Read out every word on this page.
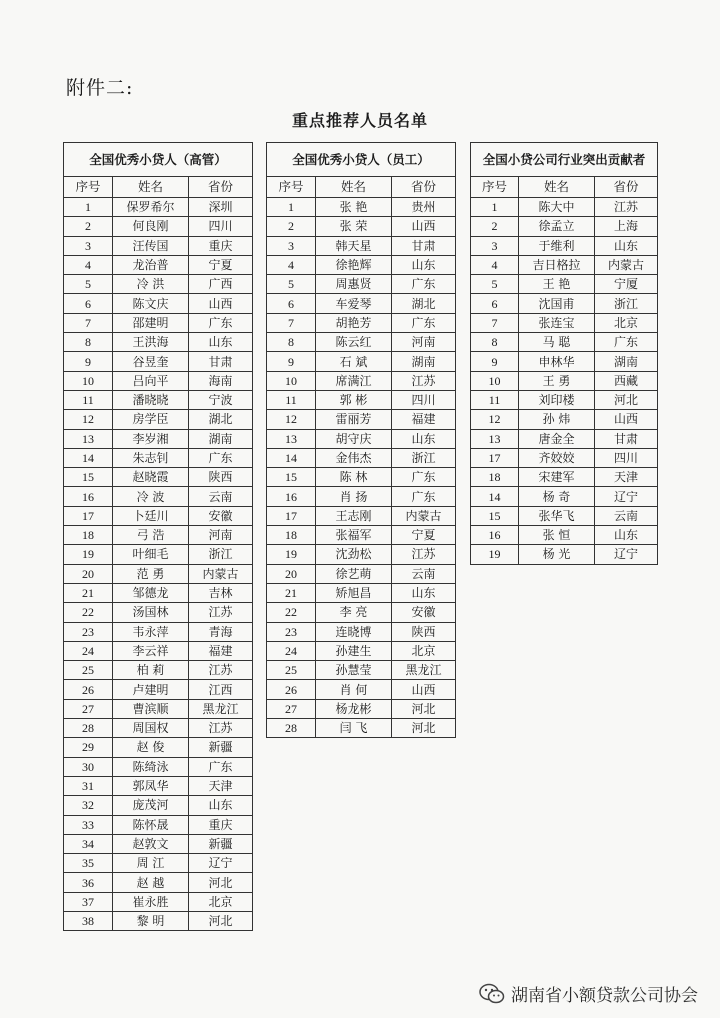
附件二:
重点推荐人员名单
全国优秀小贷人（高管）		
序号	姓名	省份
1	保罗希尔	深圳
2	何良刚	四川
3	汪传国	重庆
4	龙治普	宁夏
5	冷 洪	广西
6	陈文庆	山西
7	邵建明	广东
8	王洪海	山东
9	谷昱奎	甘肃
10	吕向平	海南
11	潘晓晓	宁波
12	房学臣	湖北
13	李岁湘	湖南
14	朱志钊	广东
15	赵晓霞	陕西
16	冷 波	云南
17	卜廷川	安徽
18	弓 浩	河南
19	叶细毛	浙江
20	范 勇	内蒙古
21	邹德龙	吉林
22	汤国林	江苏
23	韦永萍	青海
24	李云祥	福建
25	柏 莉	江苏
26	卢建明	江西
27	曹滨顺	黑龙江
28	周国权	江苏
29	赵 俊	新疆
30	陈绮泳	广东
31	郭凤华	天津
32	庞茂河	山东
33	陈怀晟	重庆
34	赵敦文	新疆
35	周 江	辽宁
36	赵 越	河北
37	崔永胜	北京
38	黎 明	河北
全国优秀小贷人（员工）		
序号	姓名	省份
1	张 艳	贵州
2	张 荣	山西
3	韩天星	甘肃
4	徐艳辉	山东
5	周惠贤	广东
6	车爱琴	湖北
7	胡艳芳	广东
8	陈云红	河南
9	石 斌	湖南
10	席满江	江苏
11	郭 彬	四川
12	雷丽芳	福建
13	胡守庆	山东
14	金伟杰	浙江
15	陈 林	广东
16	肖 扬	广东
17	王志刚	内蒙古
18	张福军	宁夏
19	沈劲松	江苏
20	徐艺萌	云南
21	矫旭昌	山东
22	李 亮	安徽
23	连晓博	陕西
24	孙建生	北京
25	孙慧莹	黑龙江
26	肖 何	山西
27	杨龙彬	河北
28	闫 飞	河北
全国小贷公司行业突出贡献者		
序号	姓名	省份
1	陈大中	江苏
2	徐孟立	上海
3	于维利	山东
4	吉日格拉	内蒙古
5	王 艳	宁厦
6	沈国甫	浙江
7	张连宝	北京
8	马 聪	广东
9	申林华	湖南
10	王 勇	西藏
11	刘印楼	河北
12	孙 炜	山西
13	唐金全	甘肃
17	齐姣姣	四川
18	宋建军	天津
14	杨 奇	辽宁
15	张华飞	云南
16	张 恒	山东
19	杨 光	辽宁
湖南省小额贷款公司协会
